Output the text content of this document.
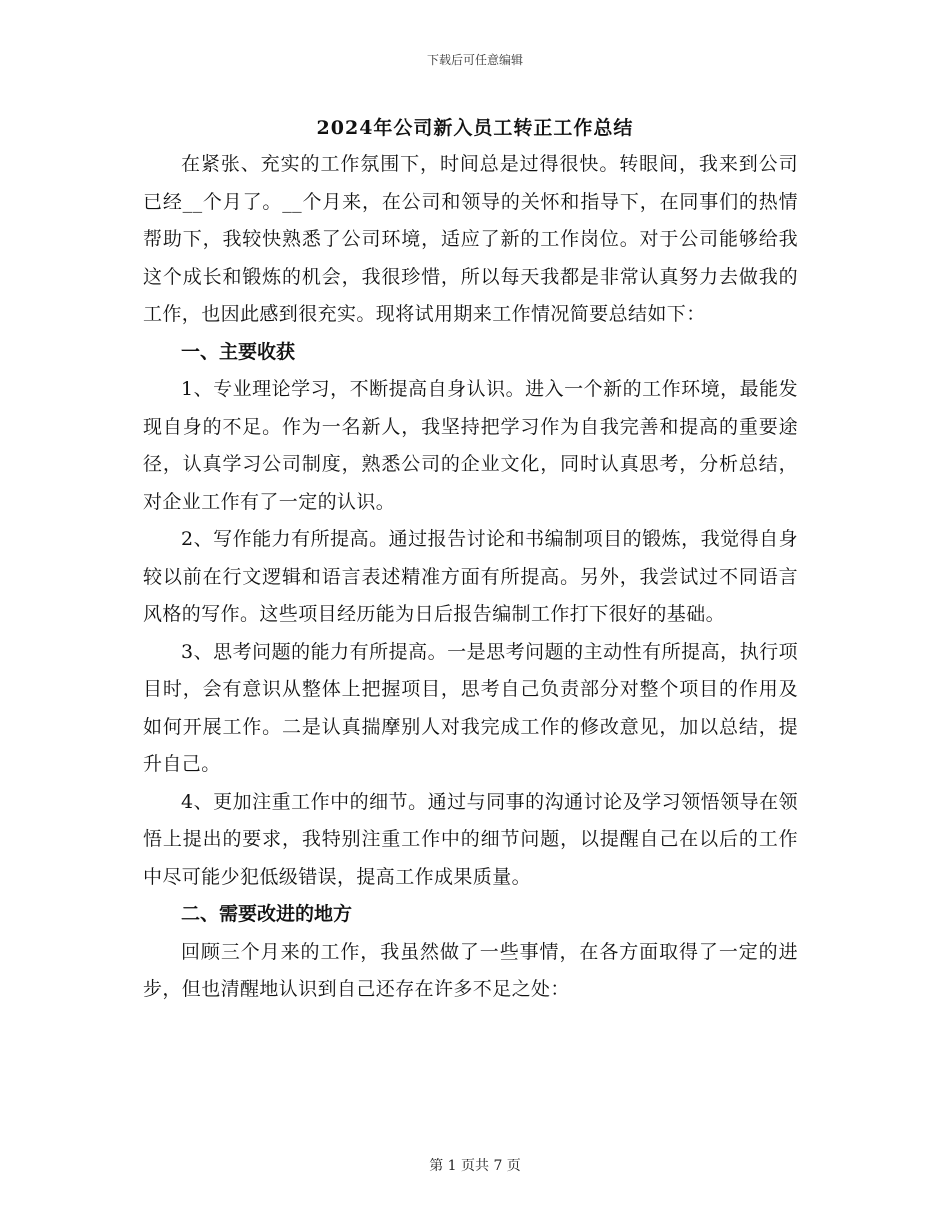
下载后可任意编辑
2024年公司新入员工转正工作总结

在紧张、充实的工作氛围下，时间总是过得很快。转眼间，我来到公司已经__个月了。__个月来，在公司和领导的关怀和指导下，在同事们的热情帮助下，我较快熟悉了公司环境，适应了新的工作岗位。对于公司能够给我这个成长和锻炼的机会，我很珍惜，所以每天我都是非常认真努力去做我的工作，也因此感到很充实。现将试用期来工作情况简要总结如下：

一、主要收获

1、专业理论学习，不断提高自身认识。进入一个新的工作环境，最能发现自身的不足。作为一名新人，我坚持把学习作为自我完善和提高的重要途径，认真学习公司制度，熟悉公司的企业文化，同时认真思考，分析总结，对企业工作有了一定的认识。

2、写作能力有所提高。通过报告讨论和书编制项目的锻炼，我觉得自身较以前在行文逻辑和语言表述精准方面有所提高。另外，我尝试过不同语言风格的写作。这些项目经历能为日后报告编制工作打下很好的基础。

3、思考问题的能力有所提高。一是思考问题的主动性有所提高，执行项目时，会有意识从整体上把握项目，思考自己负责部分对整个项目的作用及如何开展工作。二是认真揣摩别人对我完成工作的修改意见，加以总结，提升自己。

4、更加注重工作中的细节。通过与同事的沟通讨论及学习领悟领导在领悟上提出的要求，我特别注重工作中的细节问题，以提醒自己在以后的工作中尽可能少犯低级错误，提高工作成果质量。

二、需要改进的地方

回顾三个月来的工作，我虽然做了一些事情，在各方面取得了一定的进步，但也清醒地认识到自己还存在许多不足之处：

第 1 页共 7 页
